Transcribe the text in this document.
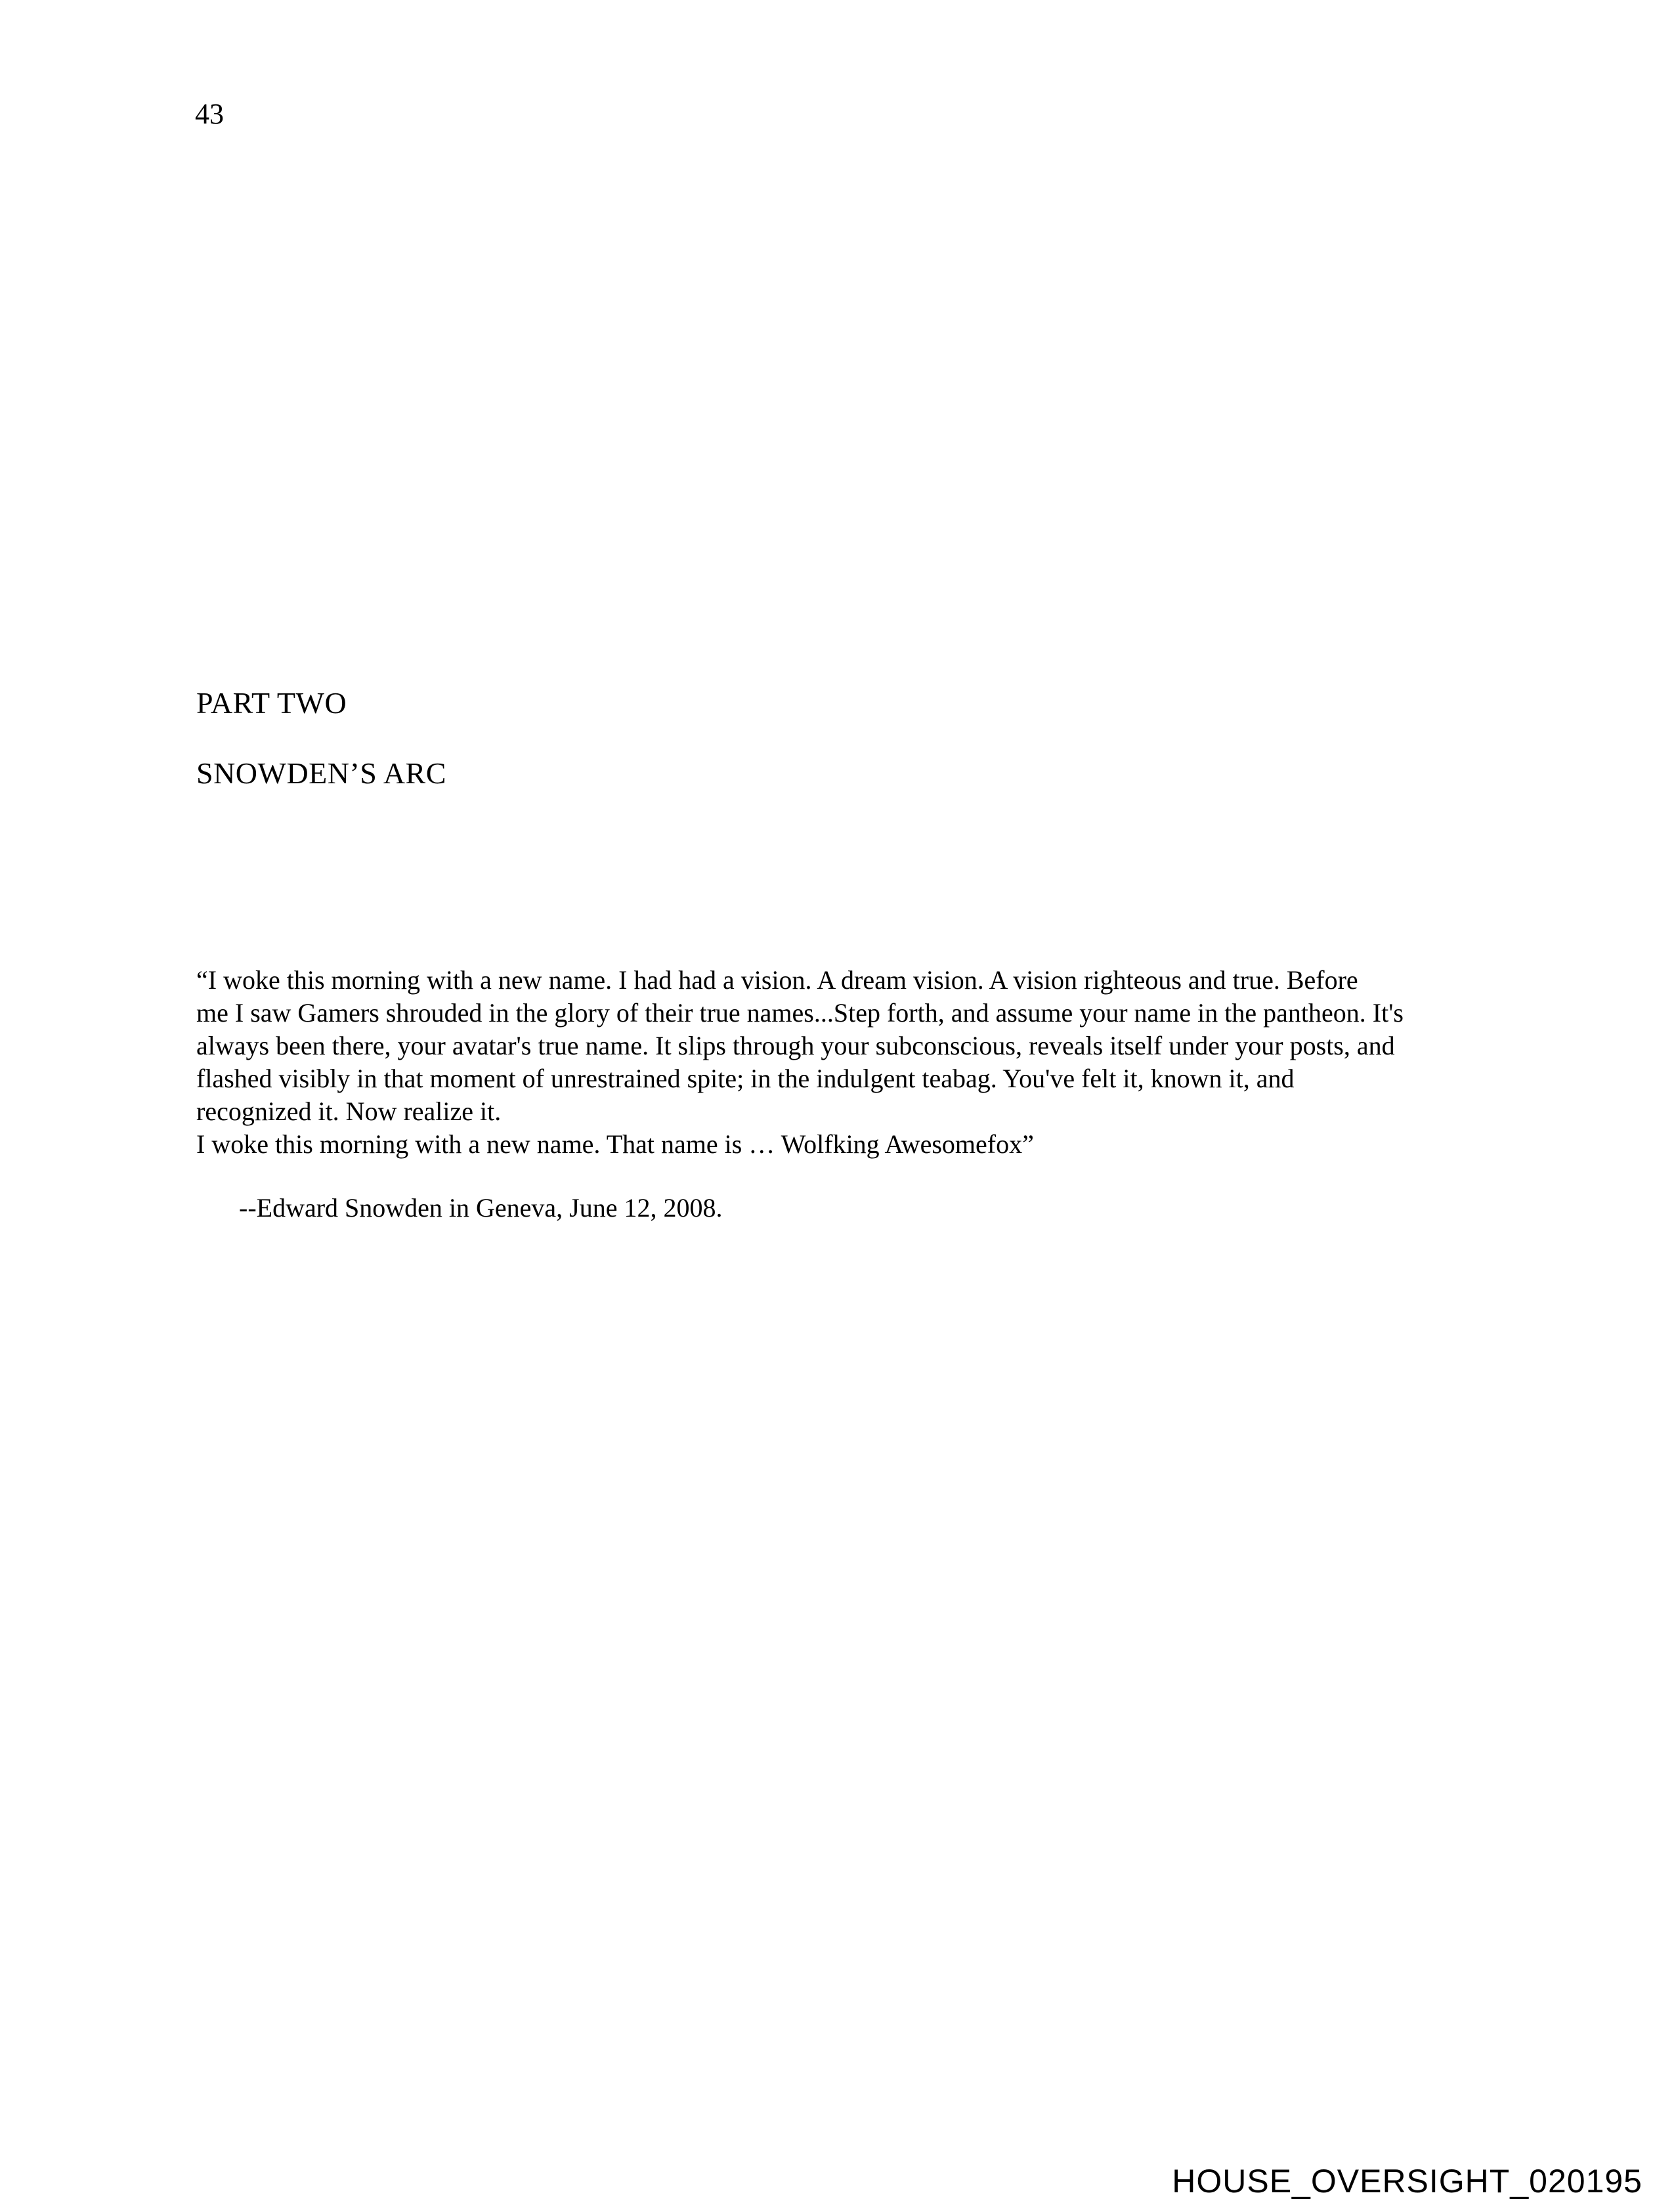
43
PART TWO
SNOWDEN’S ARC
“I woke this morning with a new name. I had had a vision. A dream vision. A vision righteous and true. Before
me I saw Gamers shrouded in the glory of their true names...Step forth, and assume your name in the pantheon. It's
always been there, your avatar's true name. It slips through your subconscious, reveals itself under your posts, and
flashed visibly in that moment of unrestrained spite; in the indulgent teabag. You've felt it, known it, and
recognized it. Now realize it.
I woke this morning with a new name. That name is … Wolfking Awesomefox”
--Edward Snowden in Geneva, June 12, 2008.
HOUSE_OVERSIGHT_020195
